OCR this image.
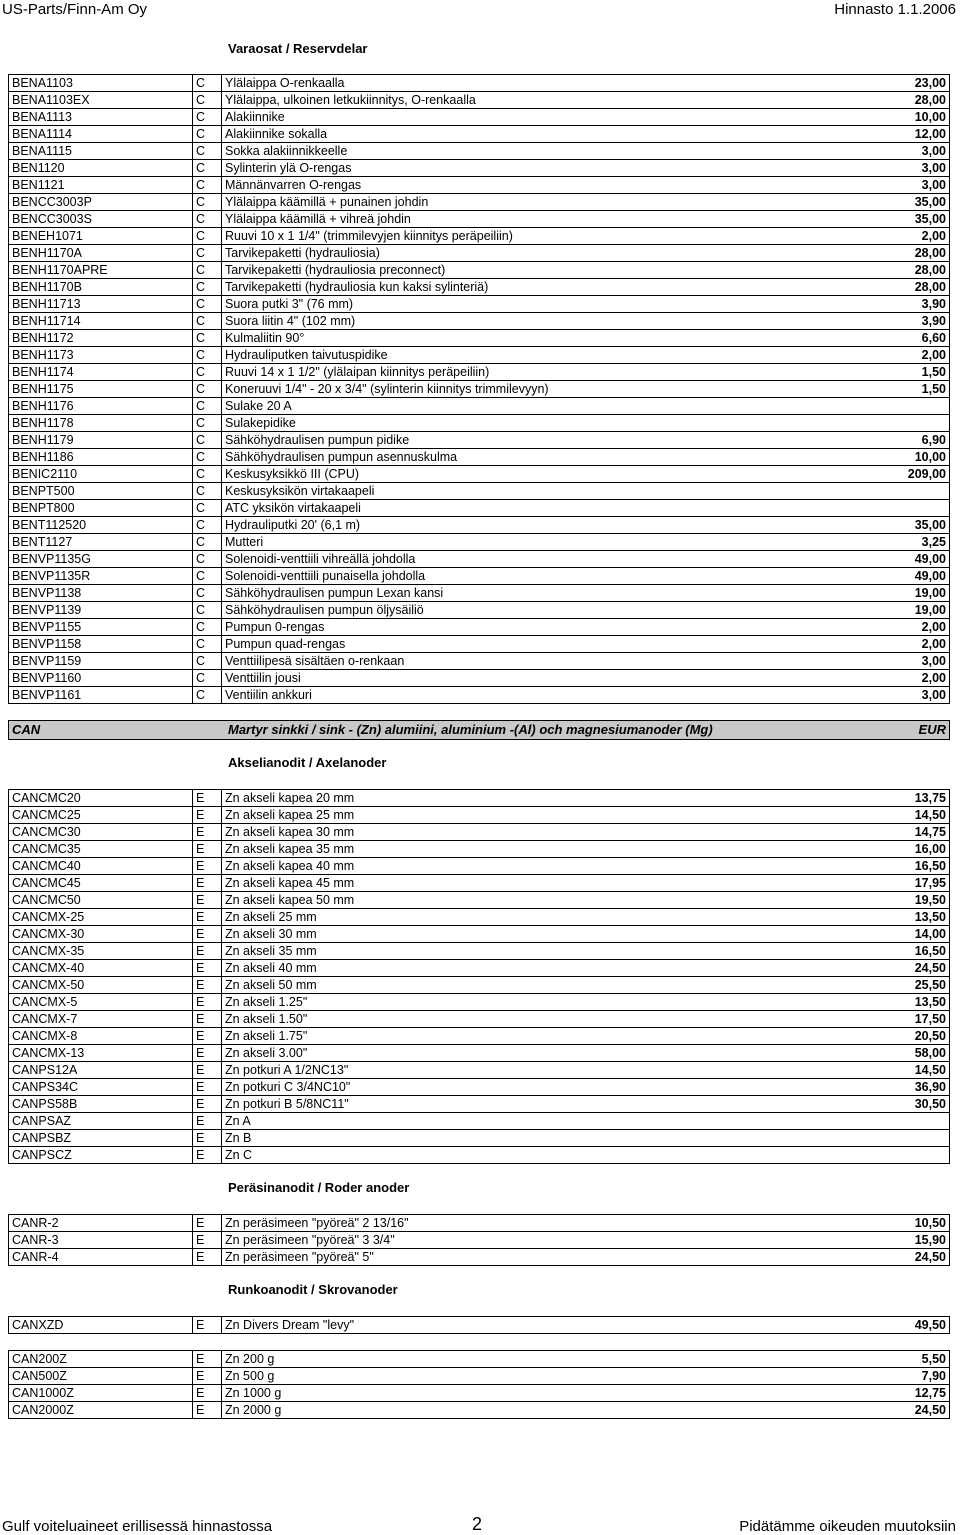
US-Parts/Finn-Am Oy	Hinnasto 1.1.2006
Varaosat / Reservdelar
BENA1103	C	Ylälaippa O-renkaalla	23,00
BENA1103EX	C	Ylälaippa, ulkoinen letkukiinnitys, O-renkaalla	28,00
BENA1113	C	Alakiinnike	10,00
BENA1114	C	Alakiinnike sokalla	12,00
BENA1115	C	Sokka alakiinnikkeelle	3,00
BEN1120	C	Sylinterin ylä O-rengas	3,00
BEN1121	C	Männänvarren O-rengas	3,00
BENCC3003P	C	Ylälaippa käämillä + punainen johdin	35,00
BENCC3003S	C	Ylälaippa käämillä + vihreä johdin	35,00
BENEH1071	C	Ruuvi 10 x 1 1/4" (trimmilevyjen kiinnitys peräpeiliin)	2,00
BENH1170A	C	Tarvikepaketti (hydrauliosia)	28,00
BENH1170APRE	C	Tarvikepaketti (hydrauliosia preconnect)	28,00
BENH1170B	C	Tarvikepaketti (hydrauliosia kun kaksi sylinteriä)	28,00
BENH11713	C	Suora putki 3" (76 mm)	3,90
BENH11714	C	Suora liitin 4" (102 mm)	3,90
BENH1172	C	Kulmaliitin 90°	6,60
BENH1173	C	Hydrauliputken taivutuspidike	2,00
BENH1174	C	Ruuvi 14 x 1 1/2" (ylälaipan kiinnitys peräpeiliin)	1,50
BENH1175	C	Koneruuvi 1/4" - 20 x 3/4" (sylinterin kiinnitys trimmilevyyn)	1,50
BENH1176	C	Sulake 20 A	
BENH1178	C	Sulakepidike	
BENH1179	C	Sähköhydraulisen pumpun pidike	6,90
BENH1186	C	Sähköhydraulisen pumpun asennuskulma	10,00
BENIC2110	C	Keskusyksikkö III (CPU)	209,00
BENPT500	C	Keskusyksikön virtakaapeli	
BENPT800	C	ATC yksikön virtakaapeli	
BENT112520	C	Hydrauliputki 20' (6,1 m)	35,00
BENT1127	C	Mutteri	3,25
BENVP1135G	C	Solenoidi-venttiili vihreällä johdolla	49,00
BENVP1135R	C	Solenoidi-venttiili punaisella johdolla	49,00
BENVP1138	C	Sähköhydraulisen pumpun Lexan kansi	19,00
BENVP1139	C	Sähköhydraulisen pumpun öljysäiliö	19,00
BENVP1155	C	Pumpun 0-rengas	2,00
BENVP1158	C	Pumpun quad-rengas	2,00
BENVP1159	C	Venttiilipesä sisältäen o-renkaan	3,00
BENVP1160	C	Venttiilin jousi	2,00
BENVP1161	C	Ventiilin ankkuri	3,00
CAN	Martyr sinkki / sink - (Zn) alumiini, aluminium -(Al) och magnesiumanoder (Mg)	EUR
Akselianodit / Axelanoder
CANCMC20	E	Zn akseli kapea 20 mm	13,75
CANCMC25	E	Zn akseli kapea 25 mm	14,50
CANCMC30	E	Zn akseli kapea 30 mm	14,75
CANCMC35	E	Zn akseli kapea 35 mm	16,00
CANCMC40	E	Zn akseli kapea 40 mm	16,50
CANCMC45	E	Zn akseli kapea 45 mm	17,95
CANCMC50	E	Zn akseli kapea 50 mm	19,50
CANCMX-25	E	Zn akseli 25 mm	13,50
CANCMX-30	E	Zn akseli 30 mm	14,00
CANCMX-35	E	Zn akseli 35 mm	16,50
CANCMX-40	E	Zn akseli 40 mm	24,50
CANCMX-50	E	Zn akseli 50 mm	25,50
CANCMX-5	E	Zn akseli 1.25"	13,50
CANCMX-7	E	Zn akseli 1.50"	17,50
CANCMX-8	E	Zn akseli 1.75"	20,50
CANCMX-13	E	Zn akseli 3.00"	58,00
CANPS12A	E	Zn potkuri A 1/2NC13"	14,50
CANPS34C	E	Zn potkuri C 3/4NC10"	36,90
CANPS58B	E	Zn potkuri B 5/8NC11"	30,50
CANPSAZ	E	Zn A	
CANPSBZ	E	Zn B	
CANPSCZ	E	Zn C	
Peräsinanodit / Roder anoder
CANR-2	E	Zn peräsimeen "pyöreä" 2 13/16"	10,50
CANR-3	E	Zn peräsimeen "pyöreä" 3 3/4"	15,90
CANR-4	E	Zn peräsimeen "pyöreä" 5"	24,50
Runkoanodit / Skrovanoder
CANXZD	E	Zn Divers Dream "levy"	49,50
CAN200Z	E	Zn 200 g	5,50
CAN500Z	E	Zn 500 g	7,90
CAN1000Z	E	Zn 1000 g	12,75
CAN2000Z	E	Zn 2000 g	24,50
Gulf voiteluaineet erillisessä hinnastossa	2	Pidätämme oikeuden muutoksiin
